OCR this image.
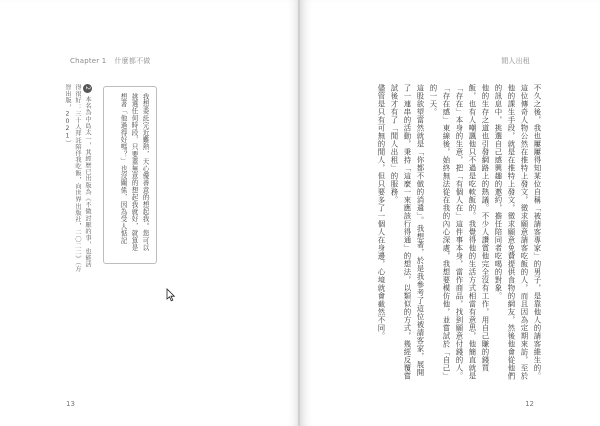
Chapter 1 什麼都不做

我想委託完近難熱，天心優善意的想起我。您可以挑選任何時段，只要蓋無意的想起我就好，就算是想著「他過得好嗎？」也沒關係，因為受人惦記
2本名為中島太一，其經歷已出版為《不做討厭的事，也能活得很好：三十人拜託陪伴我吃飯，向世界出版社，二〇二二》（方智出版，2021）
13
閒人出租

不久之後，我也屢屢得知某位自稱「被請客專家」的男子，是靠他人的請客維生的。這位傳奇人物公然在推特上發文，徵求願意請客吃飯的人，而且因為定期來訪，至於他的課生手段，就是在推特上發文，徵求願意免費提供食物的網友，然後他會從他們的訊息中，挑選自己感興趣的邀約，擔任陪同者吃喝的對象。

他的生存之道也引發網路上的熱議。不少人讚賞他完全沒有工作，用自己賺的錢買飯，也有人嘲諷他只不過是吃軟飯的。我覺得他的生活方式相當有意思，他簡直就是「存在」本身的生意，把「有個人在」這件事本身，當作商品，找到願意付錢的人。

「存在感」東線後，始終無法從在我的內心深處，我想要模仿他，並嘗試於「自己」的一天。

這股欲望當然就是「你都不做的消遣」。我想著，於是我參考了這位被請客家，展開了一連串的活動，秉持「這麼一來應該行得通」的想法，以類似的方式，幾經反覆嘗試後才有了「閒人出租」的服務。

儘管是只有可無的閒人，但只要多了一個人在身邊，心境就會截然不同。

12
